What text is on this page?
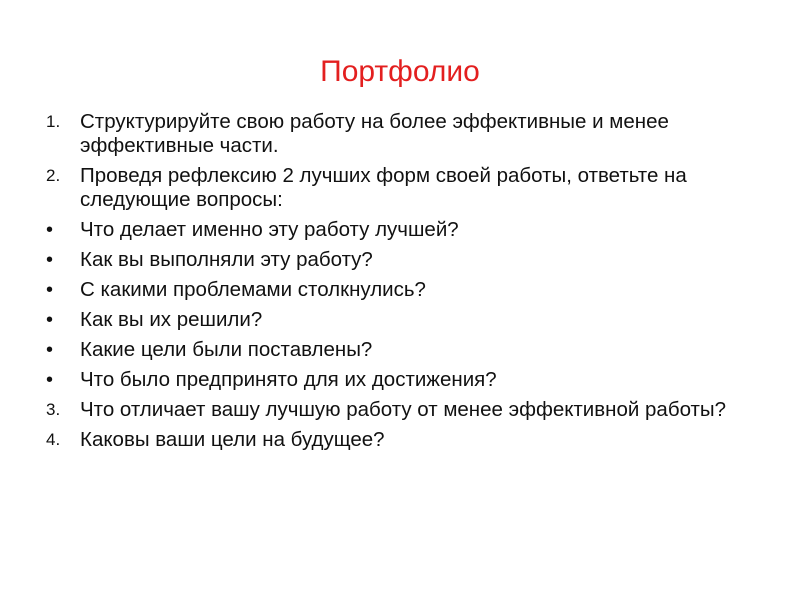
Портфолио
1. Структурируйте свою работу на более эффективные и менее эффективные части.
2. Проведя рефлексию 2 лучших форм своей работы, ответьте на следующие вопросы:
•	Что делает именно эту работу лучшей?
•	Как вы выполняли эту работу?
•	С какими проблемами столкнулись?
•	Как вы их решили?
•	Какие цели были поставлены?
•	Что было предпринято для их достижения?
3. Что отличает вашу лучшую работу от менее эффективной работы?
4. Каковы ваши цели на будущее?
